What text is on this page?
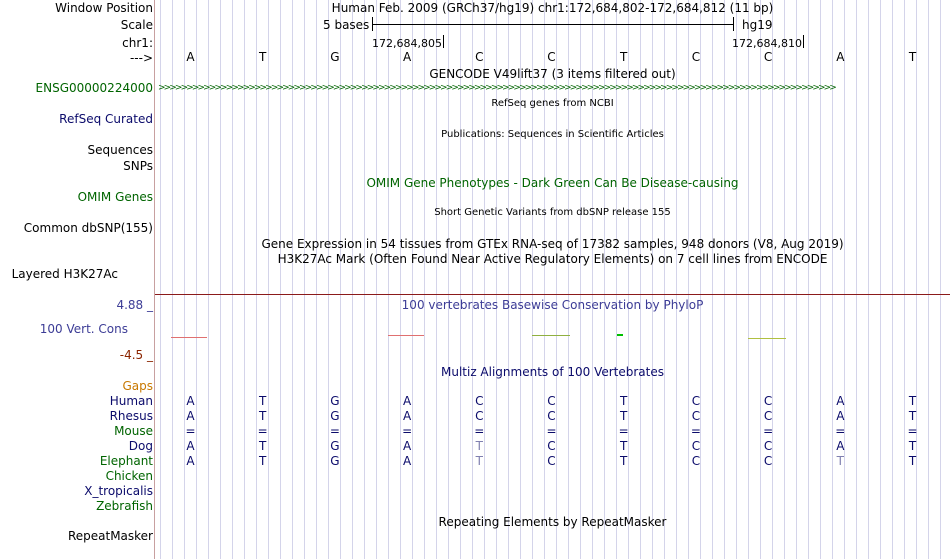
Window Position	Human Feb. 2009 (GRCh37/hg19) chr1:172,684,802-172,684,812 (11 bp)
Scale	5 bases	hg19
chr1:	172,684,805	172,684,810
--->	A	T	G	A	C	C	T	C	C	A	T
GENCODE V49lift37 (3 items filtered out)
ENSG00000224000 >>>>>>>>>>>>>>>>>>>>>>>>>>>>>>>>>>>>>>>>>>>>>>>>>>>>>>>>>>>>>>>>>>>>>>>>>>>>>>>>>>>>>>>>>>>>>>>>>>>>>>>>>>>>>>>>>>>>>>>>
RefSeq genes from NCBI
RefSeq Curated
Publications: Sequences in Scientific Articles
Sequences
SNPs
OMIM Gene Phenotypes - Dark Green Can Be Disease-causing
OMIM Genes
Short Genetic Variants from dbSNP release 155
Common dbSNP(155)
Gene Expression in 54 tissues from GTEx RNA-seq of 17382 samples, 948 donors (V8, Aug 2019)
H3K27Ac Mark (Often Found Near Active Regulatory Elements) on 7 cell lines from ENCODE
Layered H3K27Ac
4.88 _	100 vertebrates Basewise Conservation by PhyloP
100 Vert. Cons
-4.5 _
Multiz Alignments of 100 Vertebrates
Gaps
Human	A	T	G	A	C	C	T	C	C	A	T
Rhesus	A	T	G	A	C	C	T	C	C	A	T
Mouse	=	=	=	=	=	=	=	=	=	=	=
Dog	A	T	G	A	T	C	T	C	C	A	T
Elephant	A	T	G	A	T	C	T	C	C	T	T
Chicken
X_tropicalis
Zebrafish
Repeating Elements by RepeatMasker
RepeatMasker
